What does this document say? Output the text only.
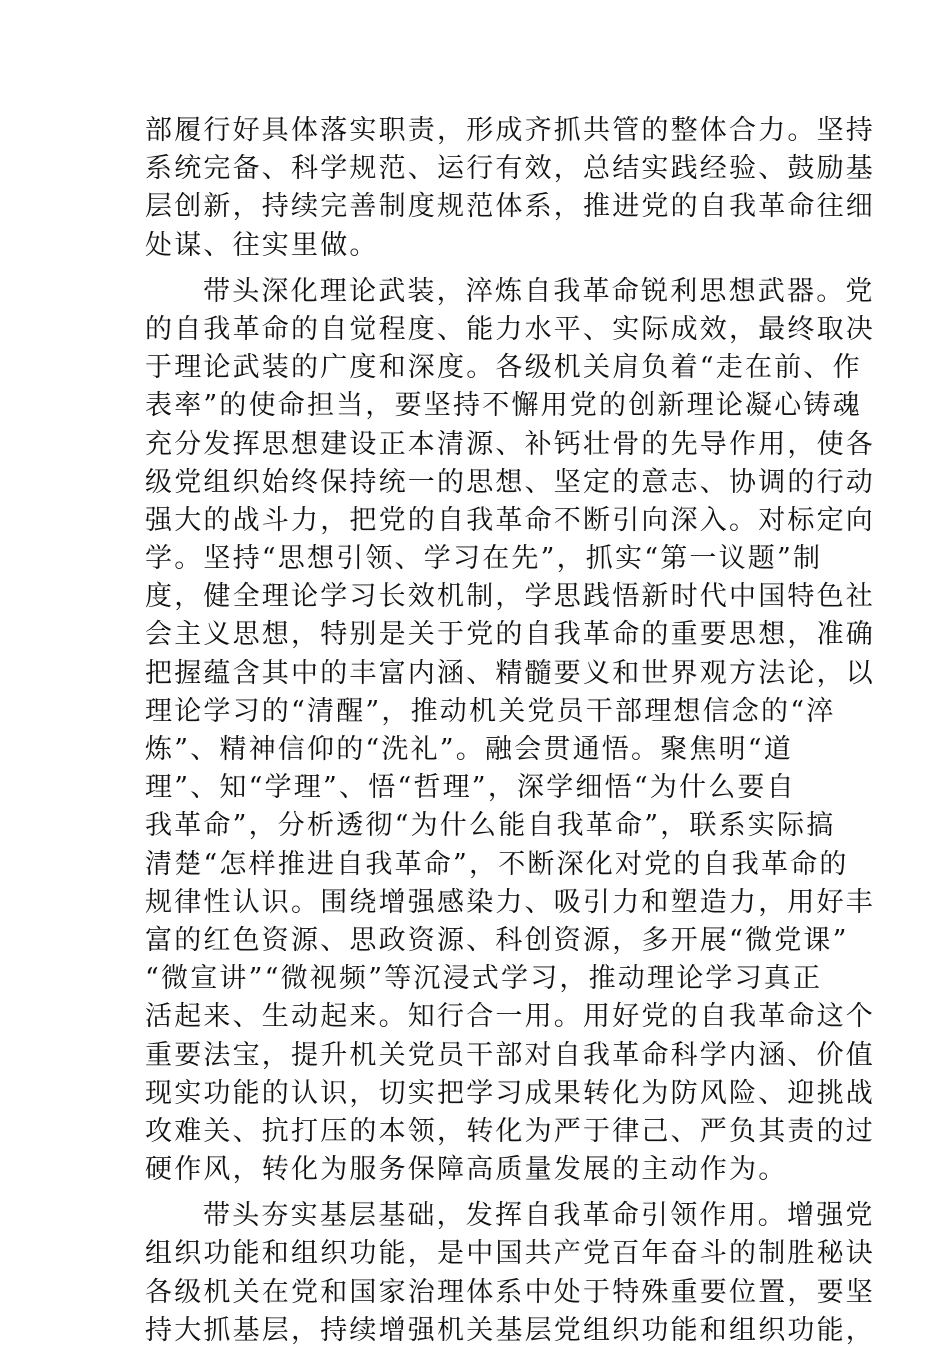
部履行好具体落实职责，形成齐抓共管的整体合力。坚持
系统完备、科学规范、运行有效，总结实践经验、鼓励基
层创新，持续完善制度规范体系，推进党的自我革命往细
处谋、往实里做。
带头深化理论武装，淬炼自我革命锐利思想武器。党
的自我革命的自觉程度、能力水平、实际成效，最终取决
于理论武装的广度和深度。各级机关肩负着“走在前、作
表率”的使命担当，要坚持不懈用党的创新理论凝心铸魂
充分发挥思想建设正本清源、补钙壮骨的先导作用，使各
级党组织始终保持统一的思想、坚定的意志、协调的行动
强大的战斗力，把党的自我革命不断引向深入。对标定向
学。坚持“思想引领、学习在先”，抓实“第一议题”制
度，健全理论学习长效机制，学思践悟新时代中国特色社
会主义思想，特别是关于党的自我革命的重要思想，准确
把握蕴含其中的丰富内涵、精髓要义和世界观方法论，以
理论学习的“清醒”，推动机关党员干部理想信念的“淬
炼”、精神信仰的“洗礼”。融会贯通悟。聚焦明“道
理”、知“学理”、悟“哲理”，深学细悟“为什么要自
我革命”，分析透彻“为什么能自我革命”，联系实际搞
清楚“怎样推进自我革命”，不断深化对党的自我革命的
规律性认识。围绕增强感染力、吸引力和塑造力，用好丰
富的红色资源、思政资源、科创资源，多开展“微党课”
“微宣讲”“微视频”等沉浸式学习，推动理论学习真正
活起来、生动起来。知行合一用。用好党的自我革命这个
重要法宝，提升机关党员干部对自我革命科学内涵、价值
现实功能的认识，切实把学习成果转化为防风险、迎挑战
攻难关、抗打压的本领，转化为严于律己、严负其责的过
硬作风，转化为服务保障高质量发展的主动作为。
带头夯实基层基础，发挥自我革命引领作用。增强党
组织功能和组织功能，是中国共产党百年奋斗的制胜秘诀
各级机关在党和国家治理体系中处于特殊重要位置，要坚
持大抓基层，持续增强机关基层党组织功能和组织功能，
